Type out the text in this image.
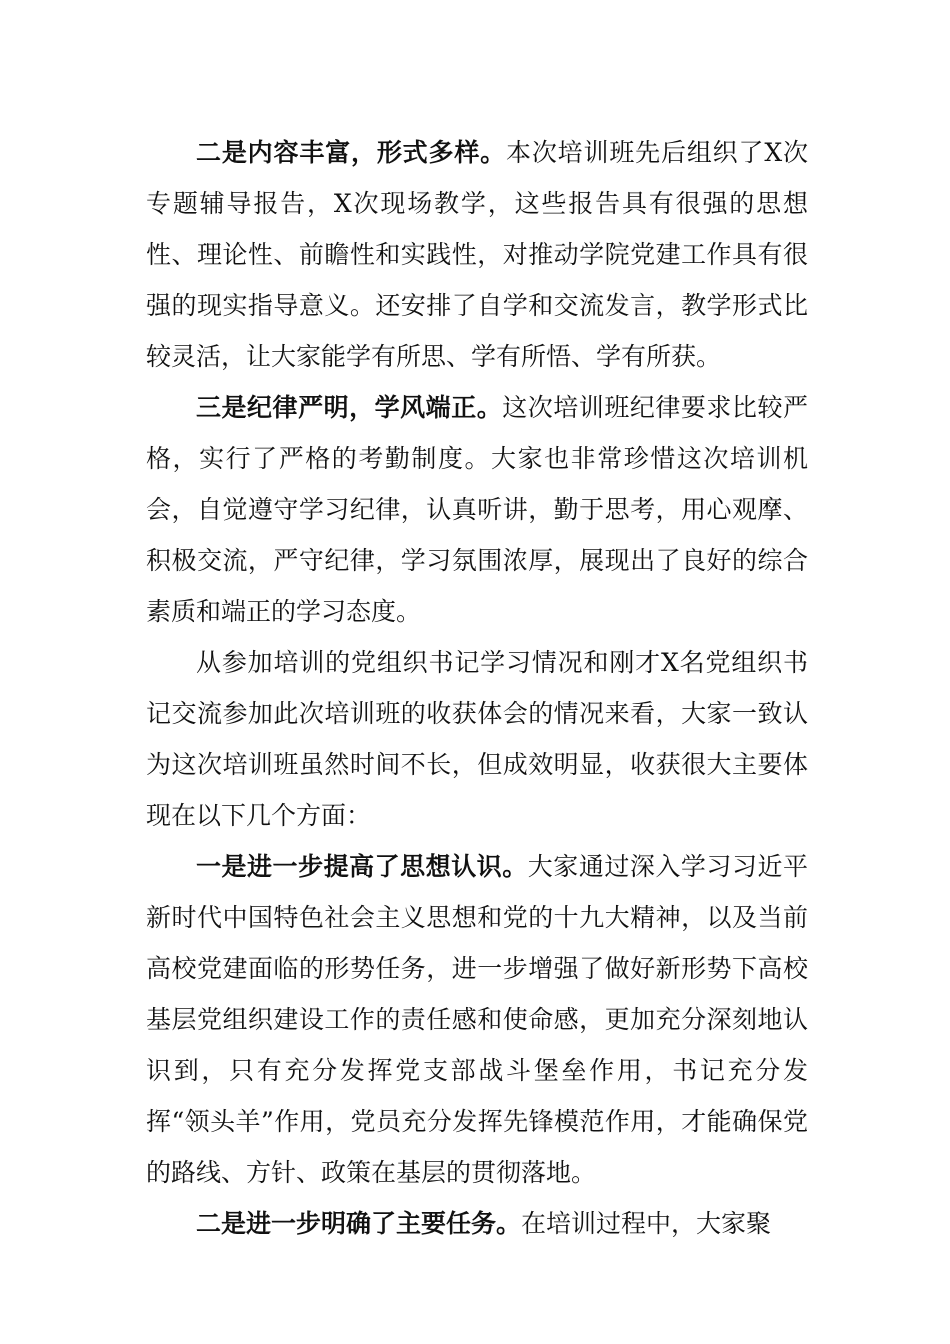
二是内容丰富，形式多样。本次培训班先后组织了X次专题辅导报告，X次现场教学，这些报告具有很强的思想性、理论性、前瞻性和实践性，对推动学院党建工作具有很强的现实指导意义。还安排了自学和交流发言，教学形式比较灵活，让大家能学有所思、学有所悟、学有所获。

三是纪律严明，学风端正。这次培训班纪律要求比较严格，实行了严格的考勤制度。大家也非常珍惜这次培训机会，自觉遵守学习纪律，认真听讲，勤于思考，用心观摩、积极交流，严守纪律，学习氛围浓厚，展现出了良好的综合素质和端正的学习态度。

从参加培训的党组织书记学习情况和刚才X名党组织书记交流参加此次培训班的收获体会的情况来看，大家一致认为这次培训班虽然时间不长，但成效明显，收获很大主要体现在以下几个方面：

一是进一步提高了思想认识。大家通过深入学习习近平新时代中国特色社会主义思想和党的十九大精神，以及当前高校党建面临的形势任务，进一步增强了做好新形势下高校基层党组织建设工作的责任感和使命感，更加充分深刻地认识到，只有充分发挥党支部战斗堡垒作用，书记充分发挥“领头羊”作用，党员充分发挥先锋模范作用，才能确保党的路线、方针、政策在基层的贯彻落地。

二是进一步明确了主要任务。在培训过程中，大家聚
